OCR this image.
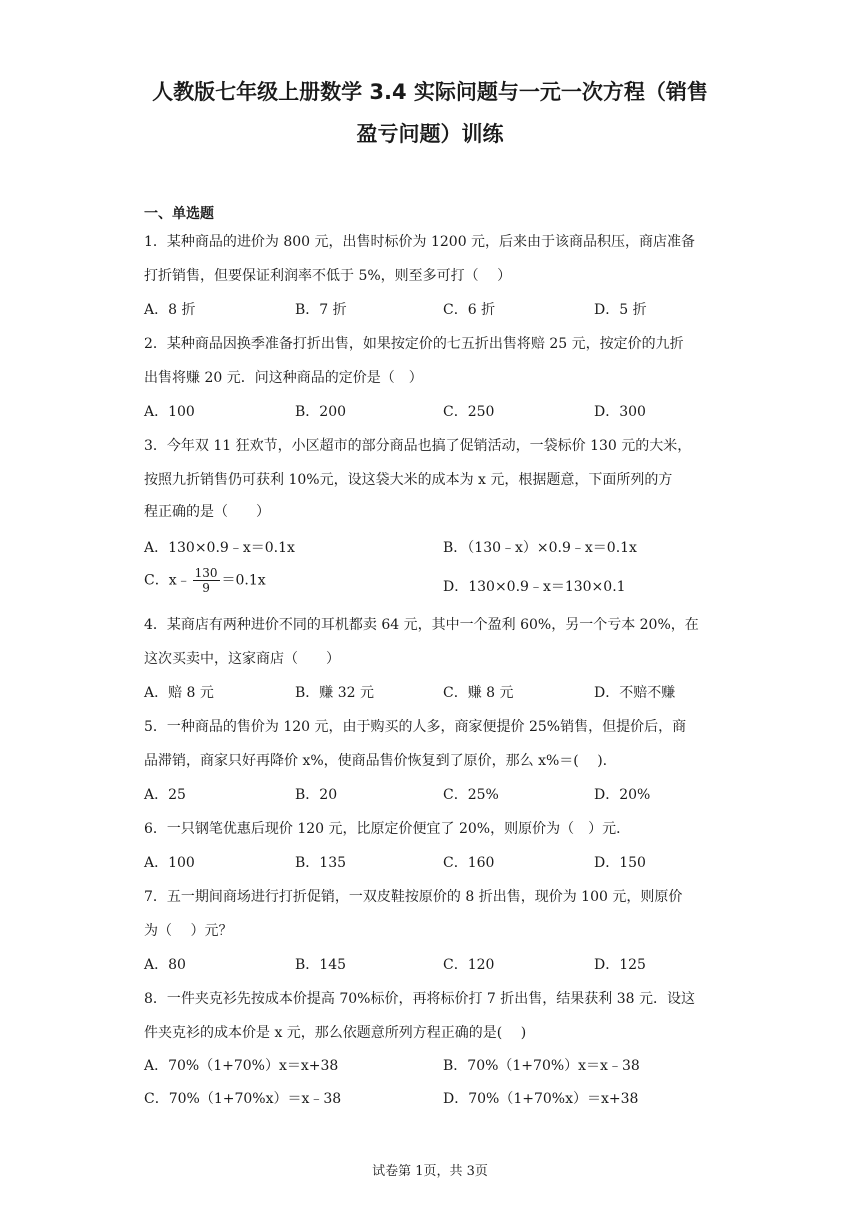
人教版七年级上册数学 3.4 实际问题与一元一次方程（销售
盈亏问题）训练
一、单选题
1．某种商品的进价为 800 元，出售时标价为 1200 元，后来由于该商品积压，商店准备
打折销售，但要保证利润率不低于 5%，则至多可打（　 ）
A．8 折	B．7 折	C．6 折	D．5 折
2．某种商品因换季准备打折出售，如果按定价的七五折出售将赔 25 元，按定价的九折
出售将赚 20 元．问这种商品的定价是（　）
A．100	B．200	C．250	D．300
3．今年双 11 狂欢节，小区超市的部分商品也搞了促销活动，一袋标价 130 元的大米，
按照九折销售仍可获利 10%元，设这袋大米的成本为 x 元，根据题意，下面所列的方
程正确的是（　　）
A．130×0.9﹣x＝0.1x	B．（130﹣x）×0.9﹣x＝0.1x
C．x﹣ $\frac{130}{9} =0.1x$	D．130×0.9﹣x＝130×0.1
4．某商店有两种进价不同的耳机都卖 64 元，其中一个盈利 60%，另一个亏本 20%，在
这次买卖中，这家商店（　　）
A．赔 8 元	B．赚 32 元	C．赚 8 元	D．不赔不赚
5．一种商品的售价为 120 元，由于购买的人多，商家便提价 25%销售，但提价后，商
品滞销，商家只好再降价 x%，使商品售价恢复到了原价，那么 x%＝(　 ).
A．25	B．20	C．25%	D．20%
6．一只钢笔优惠后现价 120 元，比原定价便宜了 20%，则原价为（　）元．
A．100	B．135	C．160	D．150
7．五一期间商场进行打折促销，一双皮鞋按原价的 8 折出售，现价为 100 元，则原价
为（　 ）元？
A．80	B．145	C．120	D．125
8．一件夹克衫先按成本价提高 70%标价，再将标价打 7 折出售，结果获利 38 元．设这
件夹克衫的成本价是 x 元，那么依题意所列方程正确的是(　 )
A．70%（1+70%）x＝x+38	B．70%（1+70%）x＝x﹣38
C．70%（1+70%x）＝x﹣38	D．70%（1+70%x）＝x+38
试卷第 1页，共 3页
